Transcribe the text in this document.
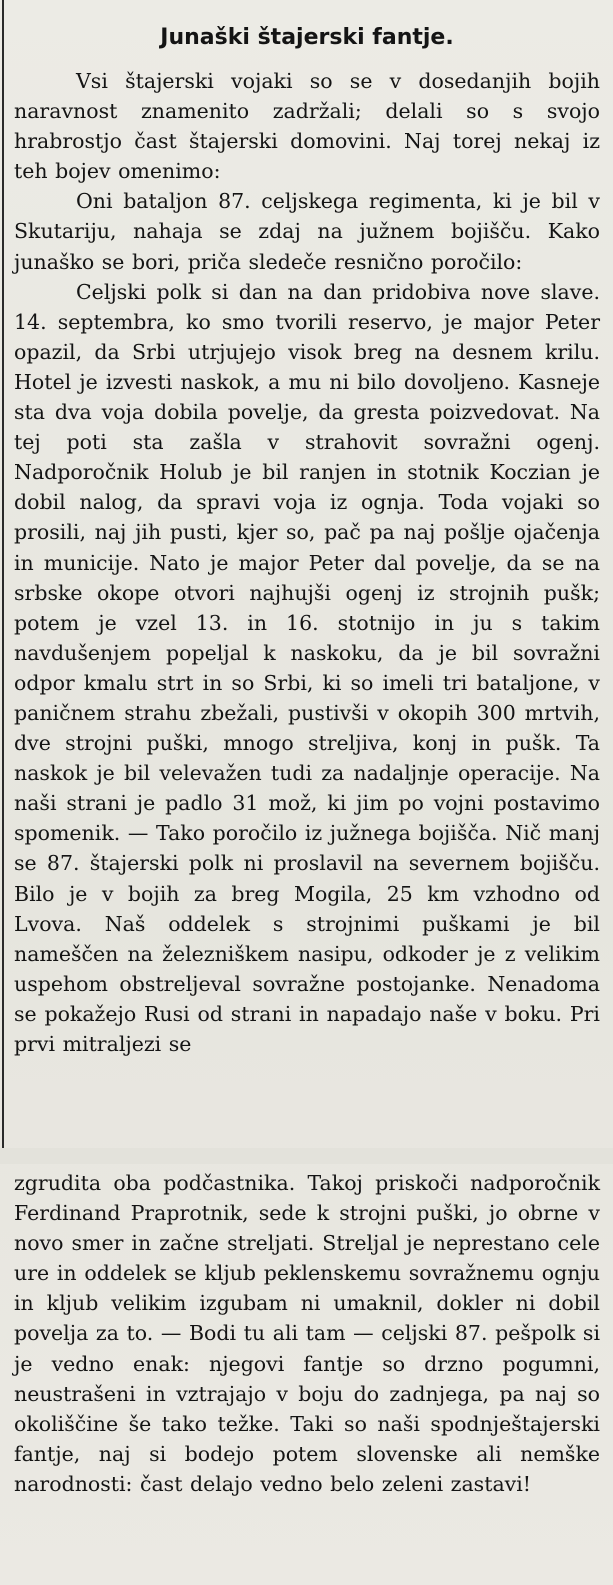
Junaški štajerski fantje.

Vsi štajerski vojaki so se v dosedanjih bojih naravnost znamenito zadržali; delali so s svojo hrabrostjo čast štajerski domovini. Naj torej nekaj iz teh bojev omenimo:

Oni bataljon 87. celjskega regimenta, ki je bil v Skutariju, nahaja se zdaj na južnem bojišču. Kako junaško se bori, priča sledeče resnično poročilo:

Celjski polk si dan na dan pridobiva nove slave. 14. septembra, ko smo tvorili reservo, je major Peter opazil, da Srbi utrjujejo visok breg na desnem krilu. Hotel je izvesti naskok, a mu ni bilo dovoljeno. Kasneje sta dva voja dobila povelje, da gresta poizvedovat. Na tej poti sta zašla v strahovit sovražni ogenj. Nadporočnik Holub je bil ranjen in stotnik Koczian je dobil nalog, da spravi voja iz ognja. Toda vojaki so prosili, naj jih pusti, kjer so, pač pa naj pošlje ojačenja in municije. Nato je major Peter dal povelje, da se na srbske okope otvori najhujši ogenj iz strojnih pušk; potem je vzel 13. in 16. stotnijo in ju s takim navdušenjem popeljal k naskoku, da je bil sovražni odpor kmalu strt in so Srbi, ki so imeli tri bataljone, v paničnem strahu zbežali, pustivši v okopih 300 mrtvih, dve strojni puški, mnogo streljiva, konj in pušk. Ta naskok je bil velevažen tudi za nadaljnje operacije. Na naši strani je padlo 31 mož, ki jim po vojni postavimo spomenik. — Tako poročilo iz južnega bojišča. Nič manj se 87. štajerski polk ni proslavil na severnem bojišču. Bilo je v bojih za breg Mogila, 25 km vzhodno od Lvova. Naš oddelek s strojnimi puškami je bil nameščen na železniškem nasipu, odkoder je z velikim uspehom obstreljeval sovražne postojanke. Nenadoma se pokažejo Rusi od strani in napadajo naše v boku. Pri prvi mitraljezi se

zgrudita oba podčastnika. Takoj priskoči nadporočnik Ferdinand Praprotnik, sede k strojni puški, jo obrne v novo smer in začne streljati. Streljal je neprestano cele ure in oddelek se kljub peklenskemu sovražnemu ognju in kljub velikim izgubam ni umaknil, dokler ni dobil povelja za to. — Bodi tu ali tam — celjski 87. pešpolk si je vedno enak: njegovi fantje so drzno pogumni, neustrašeni in vztrajajo v boju do zadnjega, pa naj so okoliščine še tako težke. Taki so naši spodnještajerski fantje, naj si bodejo potem slovenske ali nemške narodnosti: čast delajo vedno belo zeleni zastavi!
